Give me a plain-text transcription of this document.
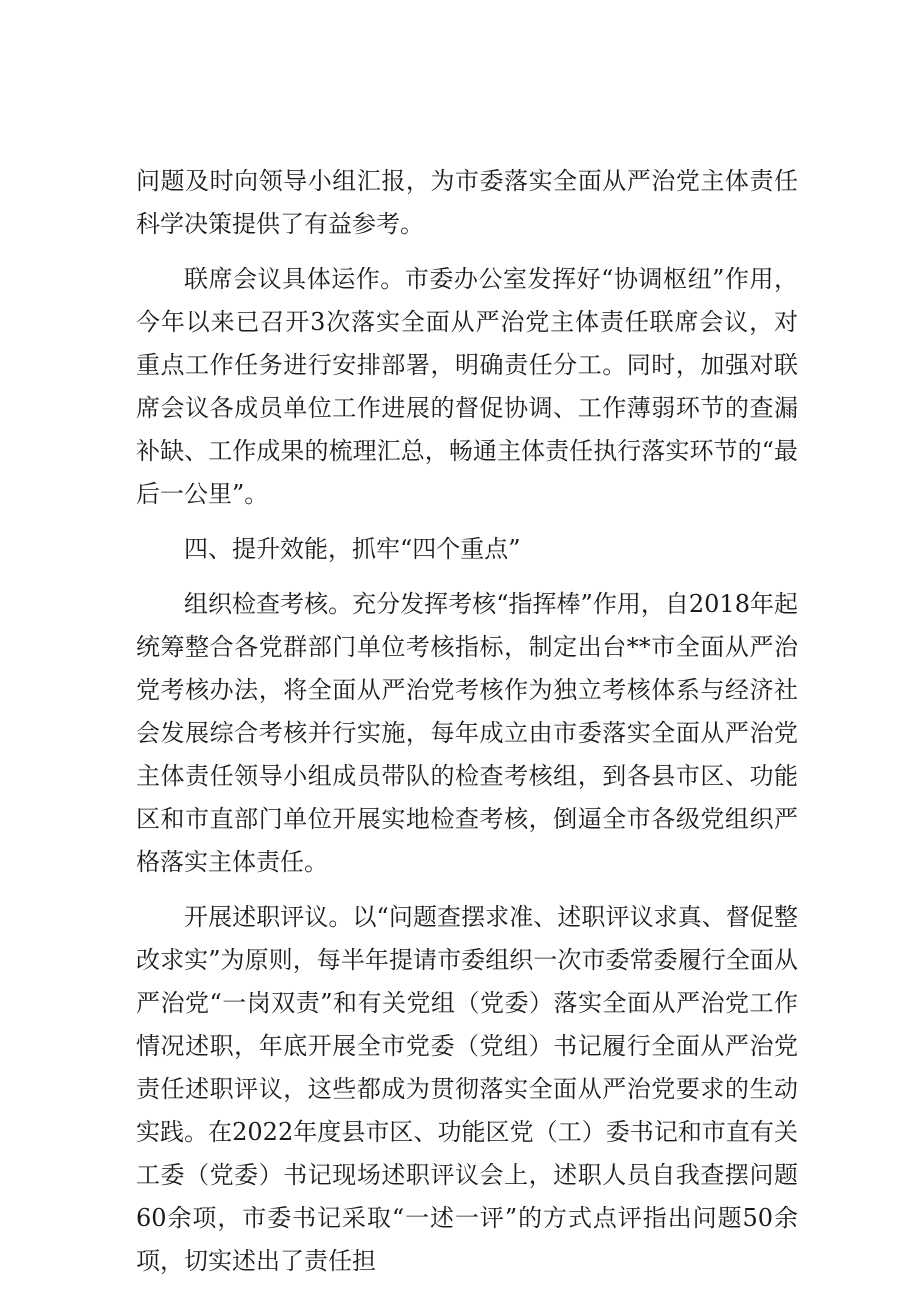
问题及时向领导小组汇报，为市委落实全面从严治党主体责任科学决策提供了有益参考。

联席会议具体运作。市委办公室发挥好“协调枢纽”作用，今年以来已召开3次落实全面从严治党主体责任联席会议，对重点工作任务进行安排部署，明确责任分工。同时，加强对联席会议各成员单位工作进展的督促协调、工作薄弱环节的查漏补缺、工作成果的梳理汇总，畅通主体责任执行落实环节的“最后一公里”。

四、提升效能，抓牢“四个重点”

组织检查考核。充分发挥考核“指挥棒”作用，自2018年起统筹整合各党群部门单位考核指标，制定出台**市全面从严治党考核办法，将全面从严治党考核作为独立考核体系与经济社会发展综合考核并行实施，每年成立由市委落实全面从严治党主体责任领导小组成员带队的检查考核组，到各县市区、功能区和市直部门单位开展实地检查考核，倒逼全市各级党组织严格落实主体责任。

开展述职评议。以“问题查摆求准、述职评议求真、督促整改求实”为原则，每半年提请市委组织一次市委常委履行全面从严治党“一岗双责”和有关党组（党委）落实全面从严治党工作情况述职，年底开展全市党委（党组）书记履行全面从严治党责任述职评议，这些都成为贯彻落实全面从严治党要求的生动实践。在2022年度县市区、功能区党（工）委书记和市直有关工委（党委）书记现场述职评议会上，述职人员自我查摆问题60余项，市委书记采取“一述一评”的方式点评指出问题50余项，切实述出了责任担
